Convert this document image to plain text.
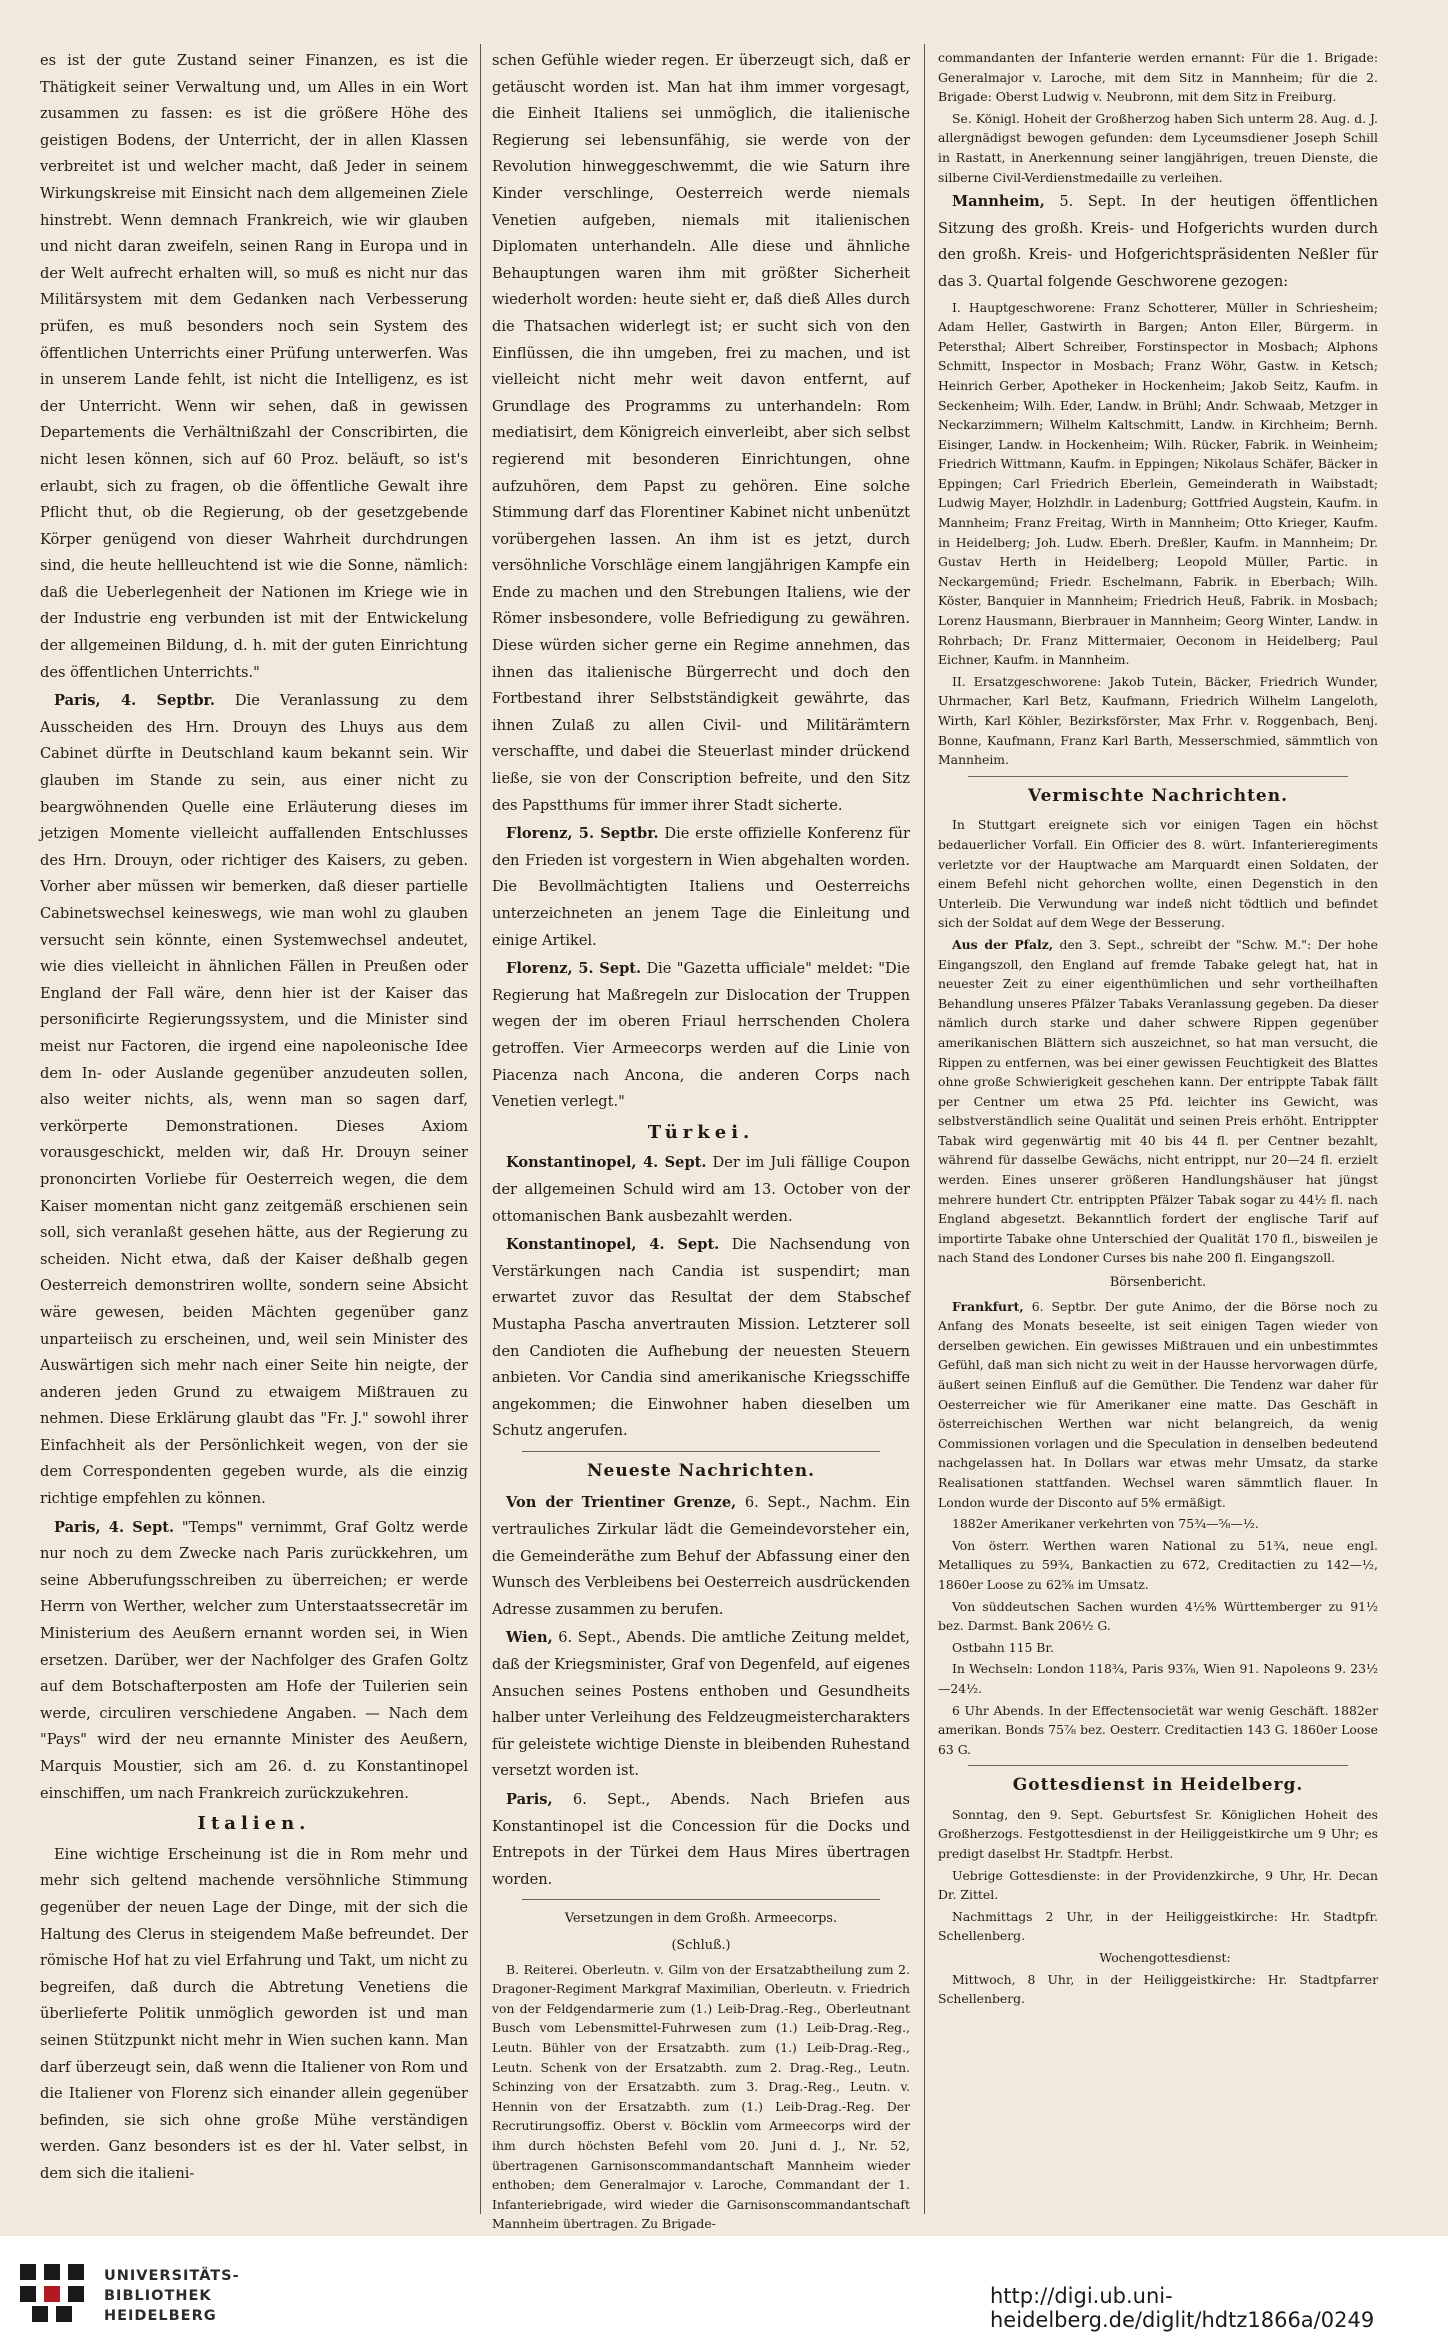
es ist der gute Zustand seiner Finanzen, es ist die Thätigkeit seiner Verwaltung und, um Alles in ein Wort zusammen zu fassen: es ist die größere Höhe des geistigen Bodens, der Unterricht, der in allen Klassen verbreitet ist und welcher macht, daß Jeder in seinem Wirkungskreise mit Einsicht nach dem allgemeinen Ziele hinstrebt. Wenn demnach Frankreich, wie wir glauben und nicht daran zweifeln, seinen Rang in Europa und in der Welt aufrecht erhalten will, so muß es nicht nur das Militärsystem mit dem Gedanken nach Verbesserung prüfen, es muß besonders noch sein System des öffentlichen Unterrichts einer Prüfung unterwerfen. Was in unserem Lande fehlt, ist nicht die Intelligenz, es ist der Unterricht. Wenn wir sehen, daß in gewissen Departements die Verhältnißzahl der Conscribirten, die nicht lesen können, sich auf 60 Proz. beläuft, so ist's erlaubt, sich zu fragen, ob die öffentliche Gewalt ihre Pflicht thut, ob die Regierung, ob der gesetzgebende Körper genügend von dieser Wahrheit durchdrungen sind, die heute hellleuchtend ist wie die Sonne, nämlich: daß die Ueberlegenheit der Nationen im Kriege wie in der Industrie eng verbunden ist mit der Entwickelung der allgemeinen Bildung, d. h. mit der guten Einrichtung des öffentlichen Unterrichts."

Paris, 4. Septbr. Die Veranlassung zu dem Ausscheiden des Hrn. Drouyn des Lhuys aus dem Cabinet dürfte in Deutschland kaum bekannt sein. Wir glauben im Stande zu sein, aus einer nicht zu beargwöhnenden Quelle eine Erläuterung dieses im jetzigen Momente vielleicht auffallenden Entschlusses des Hrn. Drouyn, oder richtiger des Kaisers, zu geben. Vorher aber müssen wir bemerken, daß dieser partielle Cabinetswechsel keineswegs, wie man wohl zu glauben versucht sein könnte, einen Systemwechsel andeutet, wie dies vielleicht in ähnlichen Fällen in Preußen oder England der Fall wäre, denn hier ist der Kaiser das personificirte Regierungssystem, und die Minister sind meist nur Factoren, die irgend eine napoleonische Idee dem In- oder Auslande gegenüber anzudeuten sollen, also weiter nichts, als, wenn man so sagen darf, verkörperte Demonstrationen. Dieses Axiom vorausgeschickt, melden wir, daß Hr. Drouyn seiner prononcirten Vorliebe für Oesterreich wegen, die dem Kaiser momentan nicht ganz zeitgemäß erschienen sein soll, sich veranlaßt gesehen hätte, aus der Regierung zu scheiden. Nicht etwa, daß der Kaiser deßhalb gegen Oesterreich demonstriren wollte, sondern seine Absicht wäre gewesen, beiden Mächten gegenüber ganz unparteiisch zu erscheinen, und, weil sein Minister des Auswärtigen sich mehr nach einer Seite hin neigte, der anderen jeden Grund zu etwaigem Mißtrauen zu nehmen. Diese Erklärung glaubt das "Fr. J." sowohl ihrer Einfachheit als der Persönlichkeit wegen, von der sie dem Correspondenten gegeben wurde, als die einzig richtige empfehlen zu können.

Paris, 4. Sept. "Temps" vernimmt, Graf Goltz werde nur noch zu dem Zwecke nach Paris zurückkehren, um seine Abberufungsschreiben zu überreichen; er werde Herrn von Werther, welcher zum Unterstaatssecretär im Ministerium des Aeußern ernannt worden sei, in Wien ersetzen. Darüber, wer der Nachfolger des Grafen Goltz auf dem Botschafterposten am Hofe der Tuilerien sein werde, circuliren verschiedene Angaben. — Nach dem "Pays" wird der neu ernannte Minister des Aeußern, Marquis Moustier, sich am 26. d. zu Konstantinopel einschiffen, um nach Frankreich zurückzukehren.

Italien.

Eine wichtige Erscheinung ist die in Rom mehr und mehr sich geltend machende versöhnliche Stimmung gegenüber der neuen Lage der Dinge, mit der sich die Haltung des Clerus in steigendem Maße befreundet. Der römische Hof hat zu viel Erfahrung und Takt, um nicht zu begreifen, daß durch die Abtretung Venetiens die überlieferte Politik unmöglich geworden ist und man seinen Stützpunkt nicht mehr in Wien suchen kann. Man darf überzeugt sein, daß wenn die Italiener von Rom und die Italiener von Florenz sich einander allein gegenüber befinden, sie sich ohne große Mühe verständigen werden. Ganz besonders ist es der hl. Vater selbst, in dem sich die italieni-

schen Gefühle wieder regen. Er überzeugt sich, daß er getäuscht worden ist. Man hat ihm immer vorgesagt, die Einheit Italiens sei unmöglich, die italienische Regierung sei lebensunfähig, sie werde von der Revolution hinweggeschwemmt, die wie Saturn ihre Kinder verschlinge, Oesterreich werde niemals Venetien aufgeben, niemals mit italienischen Diplomaten unterhandeln. Alle diese und ähnliche Behauptungen waren ihm mit größter Sicherheit wiederholt worden: heute sieht er, daß dieß Alles durch die Thatsachen widerlegt ist; er sucht sich von den Einflüssen, die ihn umgeben, frei zu machen, und ist vielleicht nicht mehr weit davon entfernt, auf Grundlage des Programms zu unterhandeln: Rom mediatisirt, dem Königreich einverleibt, aber sich selbst regierend mit besonderen Einrichtungen, ohne aufzuhören, dem Papst zu gehören. Eine solche Stimmung darf das Florentiner Kabinet nicht unbenützt vorübergehen lassen. An ihm ist es jetzt, durch versöhnliche Vorschläge einem langjährigen Kampfe ein Ende zu machen und den Strebungen Italiens, wie der Römer insbesondere, volle Befriedigung zu gewähren. Diese würden sicher gerne ein Regime annehmen, das ihnen das italienische Bürgerrecht und doch den Fortbestand ihrer Selbstständigkeit gewährte, das ihnen Zulaß zu allen Civil- und Militärämtern verschaffte, und dabei die Steuerlast minder drückend ließe, sie von der Conscription befreite, und den Sitz des Papstthums für immer ihrer Stadt sicherte.

Florenz, 5. Septbr. Die erste offizielle Konferenz für den Frieden ist vorgestern in Wien abgehalten worden. Die Bevollmächtigten Italiens und Oesterreichs unterzeichneten an jenem Tage die Einleitung und einige Artikel.

Florenz, 5. Sept. Die "Gazetta ufficiale" meldet: "Die Regierung hat Maßregeln zur Dislocation der Truppen wegen der im oberen Friaul herrschenden Cholera getroffen. Vier Armeecorps werden auf die Linie von Piacenza nach Ancona, die anderen Corps nach Venetien verlegt."

Türkei.

Konstantinopel, 4. Sept. Der im Juli fällige Coupon der allgemeinen Schuld wird am 13. October von der ottomanischen Bank ausbezahlt werden.

Konstantinopel, 4. Sept. Die Nachsendung von Verstärkungen nach Candia ist suspendirt; man erwartet zuvor das Resultat der dem Stabschef Mustapha Pascha anvertrauten Mission. Letzterer soll den Candioten die Aufhebung der neuesten Steuern anbieten. Vor Candia sind amerikanische Kriegsschiffe angekommen; die Einwohner haben dieselben um Schutz angerufen.

Neueste Nachrichten.

Von der Trientiner Grenze, 6. Sept., Nachm. Ein vertrauliches Zirkular lädt die Gemeindevorsteher ein, die Gemeinderäthe zum Behuf der Abfassung einer den Wunsch des Verbleibens bei Oesterreich ausdrückenden Adresse zusammen zu berufen.

Wien, 6. Sept., Abends. Die amtliche Zeitung meldet, daß der Kriegsminister, Graf von Degenfeld, auf eigenes Ansuchen seines Postens enthoben und Gesundheits halber unter Verleihung des Feldzeugmeistercharakters für geleistete wichtige Dienste in bleibenden Ruhestand versetzt worden ist.

Paris, 6. Sept., Abends. Nach Briefen aus Konstantinopel ist die Concession für die Docks und Entrepots in der Türkei dem Haus Mires übertragen worden.

Versetzungen in dem Großh. Armeecorps.
(Schluß.)

B. Reiterei. Oberleutn. v. Gilm von der Ersatzabtheilung zum 2. Dragoner-Regiment Markgraf Maximilian, Oberleutn. v. Friedrich von der Feldgendarmerie zum (1.) Leib-Drag.-Reg., Oberleutnant Busch vom Lebensmittel-Fuhrwesen zum (1.) Leib-Drag.-Reg., Leutn. Bühler von der Ersatzabth. zum (1.) Leib-Drag.-Reg., Leutn. Schenk von der Ersatzabth. zum 2. Drag.-Reg., Leutn. Schinzing von der Ersatzabth. zum 3. Drag.-Reg., Leutn. v. Hennin von der Ersatzabth. zum (1.) Leib-Drag.-Reg. Der Recrutirungsoffiz. Oberst v. Böcklin vom Armeecorps wird der ihm durch höchsten Befehl vom 20. Juni d. J., Nr. 52, übertragenen Garnisonscommandantschaft Mannheim wieder enthoben; dem Generalmajor v. Laroche, Commandant der 1. Infanteriebrigade, wird wieder die Garnisonscommandantschaft Mannheim übertragen. Zu Brigade-

commandanten der Infanterie werden ernannt: Für die 1. Brigade: Generalmajor v. Laroche, mit dem Sitz in Mannheim; für die 2. Brigade: Oberst Ludwig v. Neubronn, mit dem Sitz in Freiburg.

Se. Königl. Hoheit der Großherzog haben Sich unterm 28. Aug. d. J. allergnädigst bewogen gefunden: dem Lyceumsdiener Joseph Schill in Rastatt, in Anerkennung seiner langjährigen, treuen Dienste, die silberne Civil-Verdienstmedaille zu verleihen.

Mannheim, 5. Sept. In der heutigen öffentlichen Sitzung des großh. Kreis- und Hofgerichts wurden durch den großh. Kreis- und Hofgerichtspräsidenten Neßler für das 3. Quartal folgende Geschworene gezogen:

I. Hauptgeschworene: Franz Schotterer, Müller in Schriesheim; Adam Heller, Gastwirth in Bargen; Anton Eller, Bürgerm. in Petersthal; Albert Schreiber, Forstinspector in Mosbach; Alphons Schmitt, Inspector in Mosbach; Franz Wöhr, Gastw. in Ketsch; Heinrich Gerber, Apotheker in Hockenheim; Jakob Seitz, Kaufm. in Seckenheim; Wilh. Eder, Landw. in Brühl; Andr. Schwaab, Metzger in Neckarzimmern; Wilhelm Kaltschmitt, Landw. in Kirchheim; Bernh. Eisinger, Landw. in Hockenheim; Wilh. Rücker, Fabrik. in Weinheim; Friedrich Wittmann, Kaufm. in Eppingen; Nikolaus Schäfer, Bäcker in Eppingen; Carl Friedrich Eberlein, Gemeinderath in Waibstadt; Ludwig Mayer, Holzhdlr. in Ladenburg; Gottfried Augstein, Kaufm. in Mannheim; Franz Freitag, Wirth in Mannheim; Otto Krieger, Kaufm. in Heidelberg; Joh. Ludw. Eberh. Dreßler, Kaufm. in Mannheim; Dr. Gustav Herth in Heidelberg; Leopold Müller, Partic. in Neckargemünd; Friedr. Eschelmann, Fabrik. in Eberbach; Wilh. Köster, Banquier in Mannheim; Friedrich Heuß, Fabrik. in Mosbach; Lorenz Hausmann, Bierbrauer in Mannheim; Georg Winter, Landw. in Rohrbach; Dr. Franz Mittermaier, Oeconom in Heidelberg; Paul Eichner, Kaufm. in Mannheim.

II. Ersatzgeschworene: Jakob Tutein, Bäcker, Friedrich Wunder, Uhrmacher, Karl Betz, Kaufmann, Friedrich Wilhelm Langeloth, Wirth, Karl Köhler, Bezirksförster, Max Frhr. v. Roggenbach, Benj. Bonne, Kaufmann, Franz Karl Barth, Messerschmied, sämmtlich von Mannheim.

Vermischte Nachrichten.

In Stuttgart ereignete sich vor einigen Tagen ein höchst bedauerlicher Vorfall. Ein Officier des 8. würt. Infanterieregiments verletzte vor der Hauptwache am Marquardt einen Soldaten, der einem Befehl nicht gehorchen wollte, einen Degenstich in den Unterleib. Die Verwundung war indeß nicht tödtlich und befindet sich der Soldat auf dem Wege der Besserung.

Aus der Pfalz, den 3. Sept., schreibt der "Schw. M.": Der hohe Eingangszoll, den England auf fremde Tabake gelegt hat, hat in neuester Zeit zu einer eigenthümlichen und sehr vortheilhaften Behandlung unseres Pfälzer Tabaks Veranlassung gegeben. Da dieser nämlich durch starke und daher schwere Rippen gegenüber amerikanischen Blättern sich auszeichnet, so hat man versucht, die Rippen zu entfernen, was bei einer gewissen Feuchtigkeit des Blattes ohne große Schwierigkeit geschehen kann. Der entrippte Tabak fällt per Centner um etwa 25 Pfd. leichter ins Gewicht, was selbstverständlich seine Qualität und seinen Preis erhöht. Entrippter Tabak wird gegenwärtig mit 40 bis 44 fl. per Centner bezahlt, während für dasselbe Gewächs, nicht entrippt, nur 20—24 fl. erzielt werden. Eines unserer größeren Handlungshäuser hat jüngst mehrere hundert Ctr. entrippten Pfälzer Tabak sogar zu 44½ fl. nach England abgesetzt. Bekanntlich fordert der englische Tarif auf importirte Tabake ohne Unterschied der Qualität 170 fl., bisweilen je nach Stand des Londoner Curses bis nahe 200 fl. Eingangszoll.

Börsenbericht.

Frankfurt, 6. Septbr. Der gute Animo, der die Börse noch zu Anfang des Monats beseelte, ist seit einigen Tagen wieder von derselben gewichen. Ein gewisses Mißtrauen und ein unbestimmtes Gefühl, daß man sich nicht zu weit in der Hausse hervorwagen dürfe, äußert seinen Einfluß auf die Gemüther. Die Tendenz war daher für Oesterreicher wie für Amerikaner eine matte. Das Geschäft in österreichischen Werthen war nicht belangreich, da wenig Commissionen vorlagen und die Speculation in denselben bedeutend nachgelassen hat. In Dollars war etwas mehr Umsatz, da starke Realisationen stattfanden. Wechsel waren sämmtlich flauer. In London wurde der Disconto auf 5% ermäßigt.

1882er Amerikaner verkehrten von 75¾—⅝—½.

Von österr. Werthen waren National zu 51¾, neue engl. Metalliques zu 59¾, Bankactien zu 672, Creditactien zu 142—½, 1860er Loose zu 62⅝ im Umsatz.

Von süddeutschen Sachen wurden 4½% Württemberger zu 91½ bez. Darmst. Bank 206½ G.

Ostbahn 115 Br.

In Wechseln: London 118¾, Paris 93⅞, Wien 91. Napoleons 9. 23½—24½.

6 Uhr Abends. In der Effectensocietät war wenig Geschäft. 1882er amerikan. Bonds 75⅞ bez. Oesterr. Creditactien 143 G. 1860er Loose 63 G.

Gottesdienst in Heidelberg.

Sonntag, den 9. Sept. Geburtsfest Sr. Königlichen Hoheit des Großherzogs. Festgottesdienst in der Heiliggeistkirche um 9 Uhr; es predigt daselbst Hr. Stadtpfr. Herbst.

Uebrige Gottesdienste: in der Providenzkirche, 9 Uhr, Hr. Decan Dr. Zittel.

Nachmittags 2 Uhr, in der Heiliggeistkirche: Hr. Stadtpfr. Schellenberg.

Wochengottesdienst:

Mittwoch, 8 Uhr, in der Heiliggeistkirche: Hr. Stadtpfarrer Schellenberg.

UNIVERSITÄTS-
BIBLIOTHEK
HEIDELBERG
http://digi.ub.uni-heidelberg.de/diglit/hdtz1866a/0249
